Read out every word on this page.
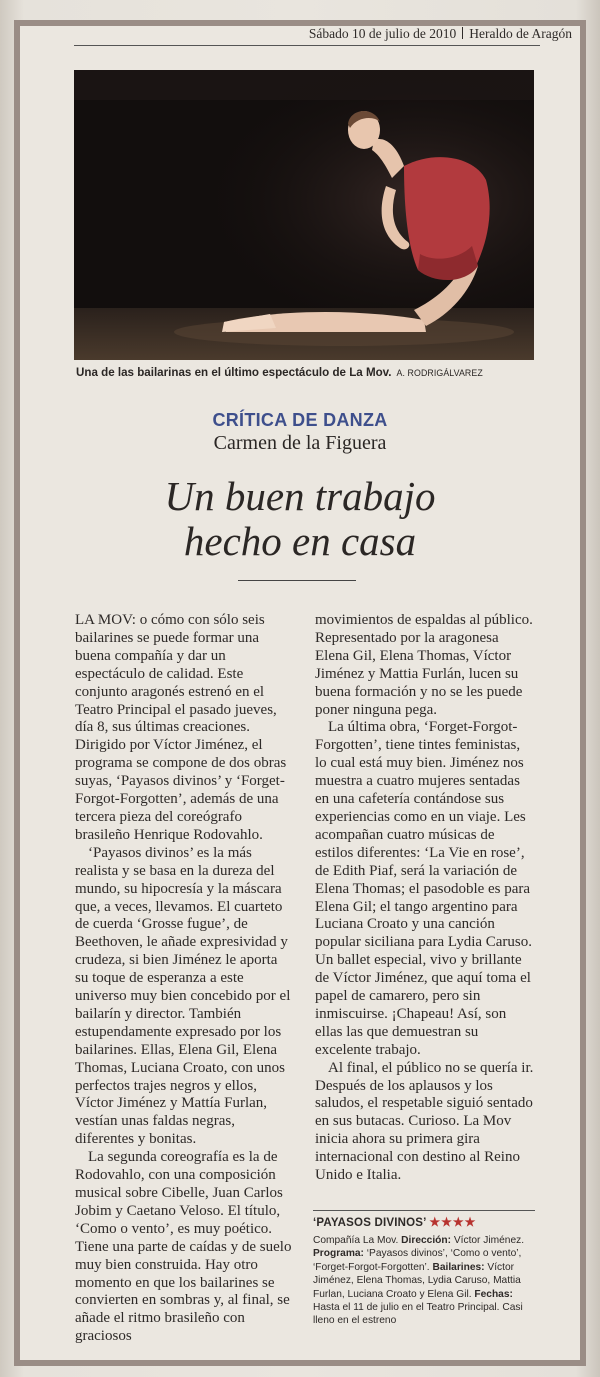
Sábado 10 de julio de 2010 Heraldo de Aragón
Una de las bailarinas en el último espectáculo de La Mov. A. RODRIGÁLVAREZ
CRÍTICA DE DANZA
Carmen de la Figuera
Un buen trabajo
hecho en casa

LA MOV: o cómo con sólo seis bailarines se puede formar una buena compañía y dar un espectáculo de calidad. Este conjunto aragonés estrenó en el Teatro Principal el pasado jueves, día 8, sus últimas creaciones. Dirigido por Víctor Jiménez, el programa se compone de dos obras suyas, ‘Payasos divinos’ y ‘Forget-Forgot-Forgotten’, además de una tercera pieza del coreógrafo brasileño Henrique Rodovahlo.

‘Payasos divinos’ es la más realista y se basa en la dureza del mundo, su hipocresía y la máscara que, a veces, llevamos. El cuarteto de cuerda ‘Grosse fugue’, de Beethoven, le añade expresividad y crudeza, si bien Jiménez le aporta su toque de esperanza a este universo muy bien concebido por el bailarín y director. También estupendamente expresado por los bailarines. Ellas, Elena Gil, Elena Thomas, Luciana Croato, con unos perfectos trajes negros y ellos, Víctor Jiménez y Mattía Furlan, vestían unas faldas negras, diferentes y bonitas.

La segunda coreografía es la de Rodovahlo, con una composición musical sobre Cibelle, Juan Carlos Jobim y Caetano Veloso. El título, ‘Como o vento’, es muy poético. Tiene una parte de caídas y de suelo muy bien construida. Hay otro momento en que los bailarines se convierten en sombras y, al final, se añade el ritmo brasileño con graciosos

movimientos de espaldas al público. Representado por la aragonesa Elena Gil, Elena Thomas, Víctor Jiménez y Mattia Furlán, lucen su buena formación y no se les puede poner ninguna pega.

La última obra, ‘Forget-Forgot-Forgotten’, tiene tintes feministas, lo cual está muy bien. Jiménez nos muestra a cuatro mujeres sentadas en una cafetería contándose sus experiencias como en un viaje. Les acompañan cuatro músicas de estilos diferentes: ‘La Vie en rose’, de Edith Piaf, será la variación de Elena Thomas; el pasodoble es para Elena Gil; el tango argentino para Luciana Croato y una canción popular siciliana para Lydia Caruso. Un ballet especial, vivo y brillante de Víctor Jiménez, que aquí toma el papel de camarero, pero sin inmiscuirse. ¡Chapeau! Así, son ellas las que demuestran su excelente trabajo.

Al final, el público no se quería ir. Después de los aplausos y los saludos, el respetable siguió sentado en sus butacas. Curioso. La Mov inicia ahora su primera gira internacional con destino al Reino Unido e Italia.

‘PAYASOS DIVINOS’ ★★★★
Compañía La Mov. Dirección: Víctor Jiménez. Programa: ‘Payasos divinos’, ‘Como o vento’, ‘Forget-Forgot-Forgotten’. Bailarines: Víctor Jiménez, Elena Thomas, Lydia Caruso, Mattia Furlan, Luciana Croato y Elena Gil. Fechas: Hasta el 11 de julio en el Teatro Principal. Casi lleno en el estreno
